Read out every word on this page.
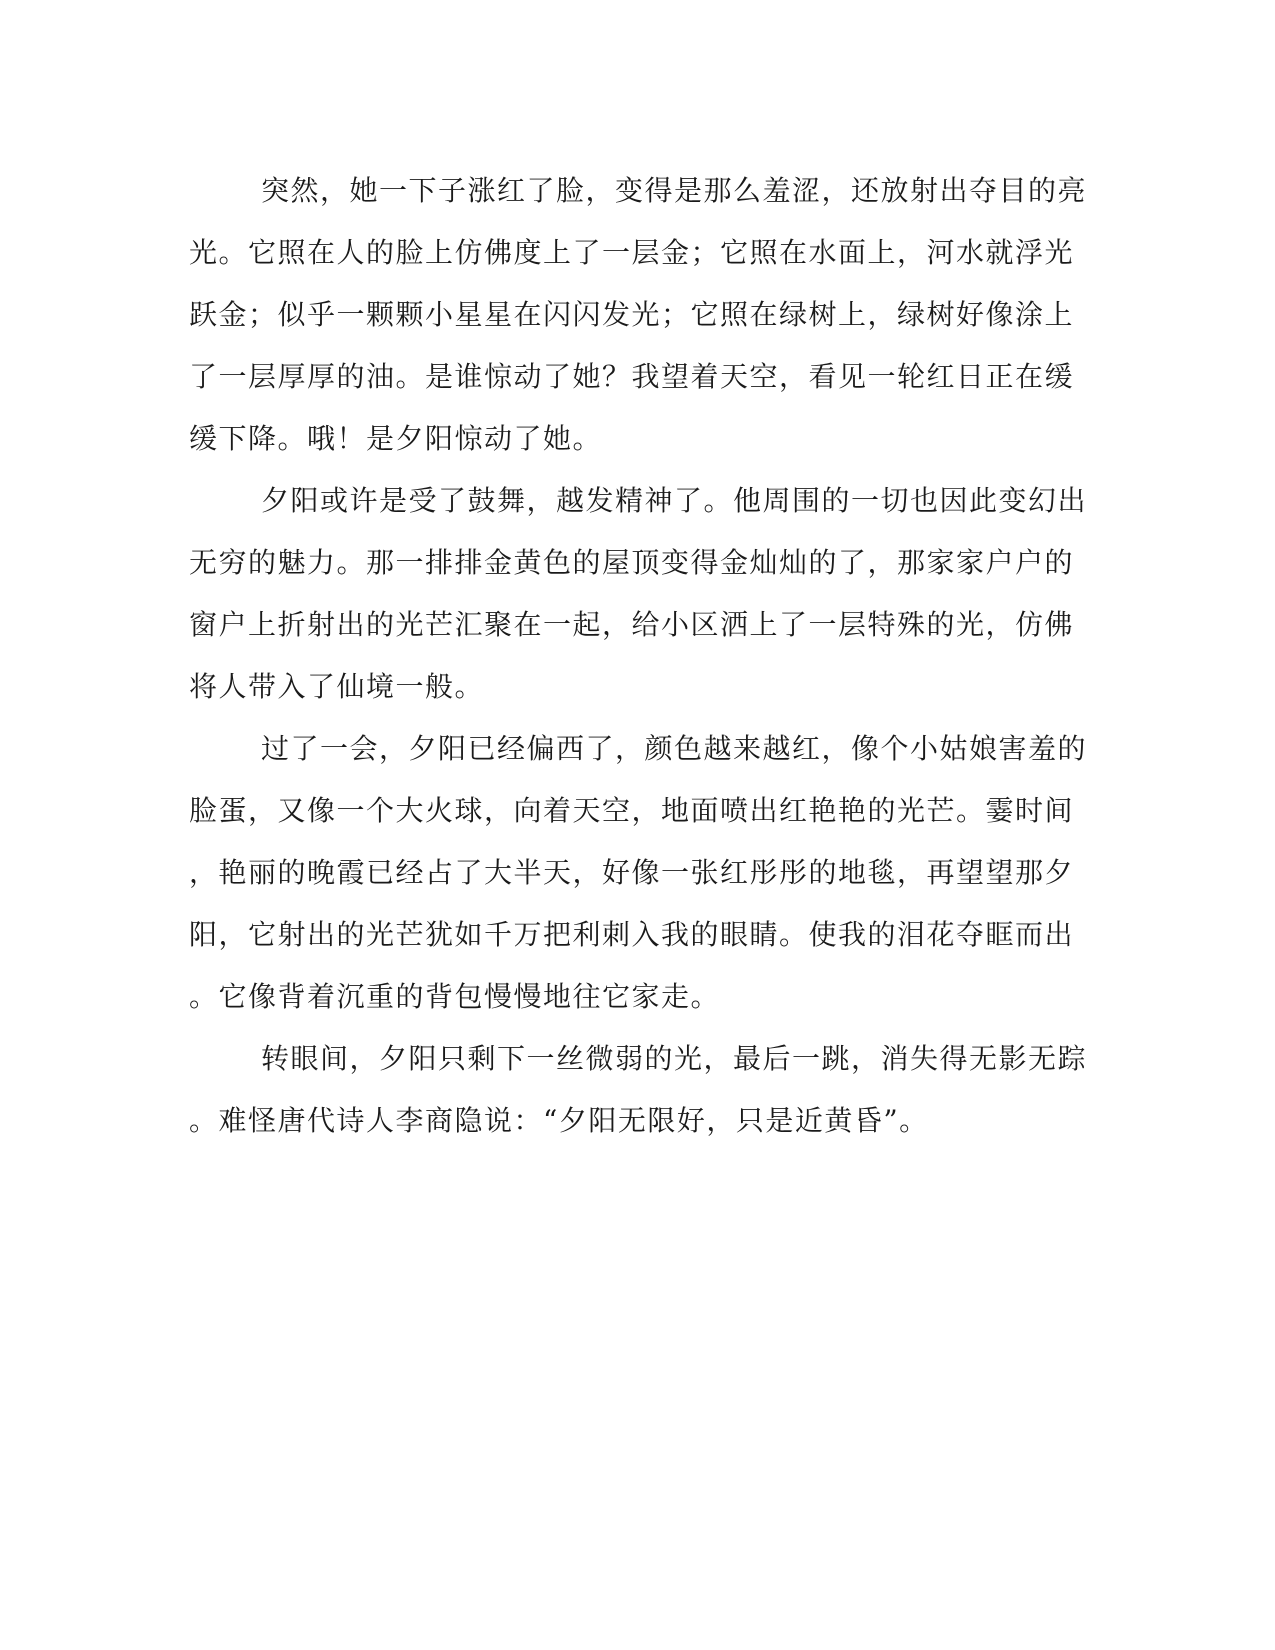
突然，她一下子涨红了脸，变得是那么羞涩，还放射出夺目的亮
光。它照在人的脸上仿佛度上了一层金；它照在水面上，河水就浮光
跃金；似乎一颗颗小星星在闪闪发光；它照在绿树上，绿树好像涂上
了一层厚厚的油。是谁惊动了她？我望着天空，看见一轮红日正在缓
缓下降。哦！是夕阳惊动了她。
夕阳或许是受了鼓舞，越发精神了。他周围的一切也因此变幻出
无穷的魅力。那一排排金黄色的屋顶变得金灿灿的了，那家家户户的
窗户上折射出的光芒汇聚在一起，给小区洒上了一层特殊的光，仿佛
将人带入了仙境一般。
过了一会，夕阳已经偏西了，颜色越来越红，像个小姑娘害羞的
脸蛋，又像一个大火球，向着天空，地面喷出红艳艳的光芒。霎时间
，艳丽的晚霞已经占了大半天，好像一张红彤彤的地毯，再望望那夕
阳，它射出的光芒犹如千万把利刺入我的眼睛。使我的泪花夺眶而出
。它像背着沉重的背包慢慢地往它家走。
转眼间，夕阳只剩下一丝微弱的光，最后一跳，消失得无影无踪
。难怪唐代诗人李商隐说：“夕阳无限好，只是近黄昏”。
